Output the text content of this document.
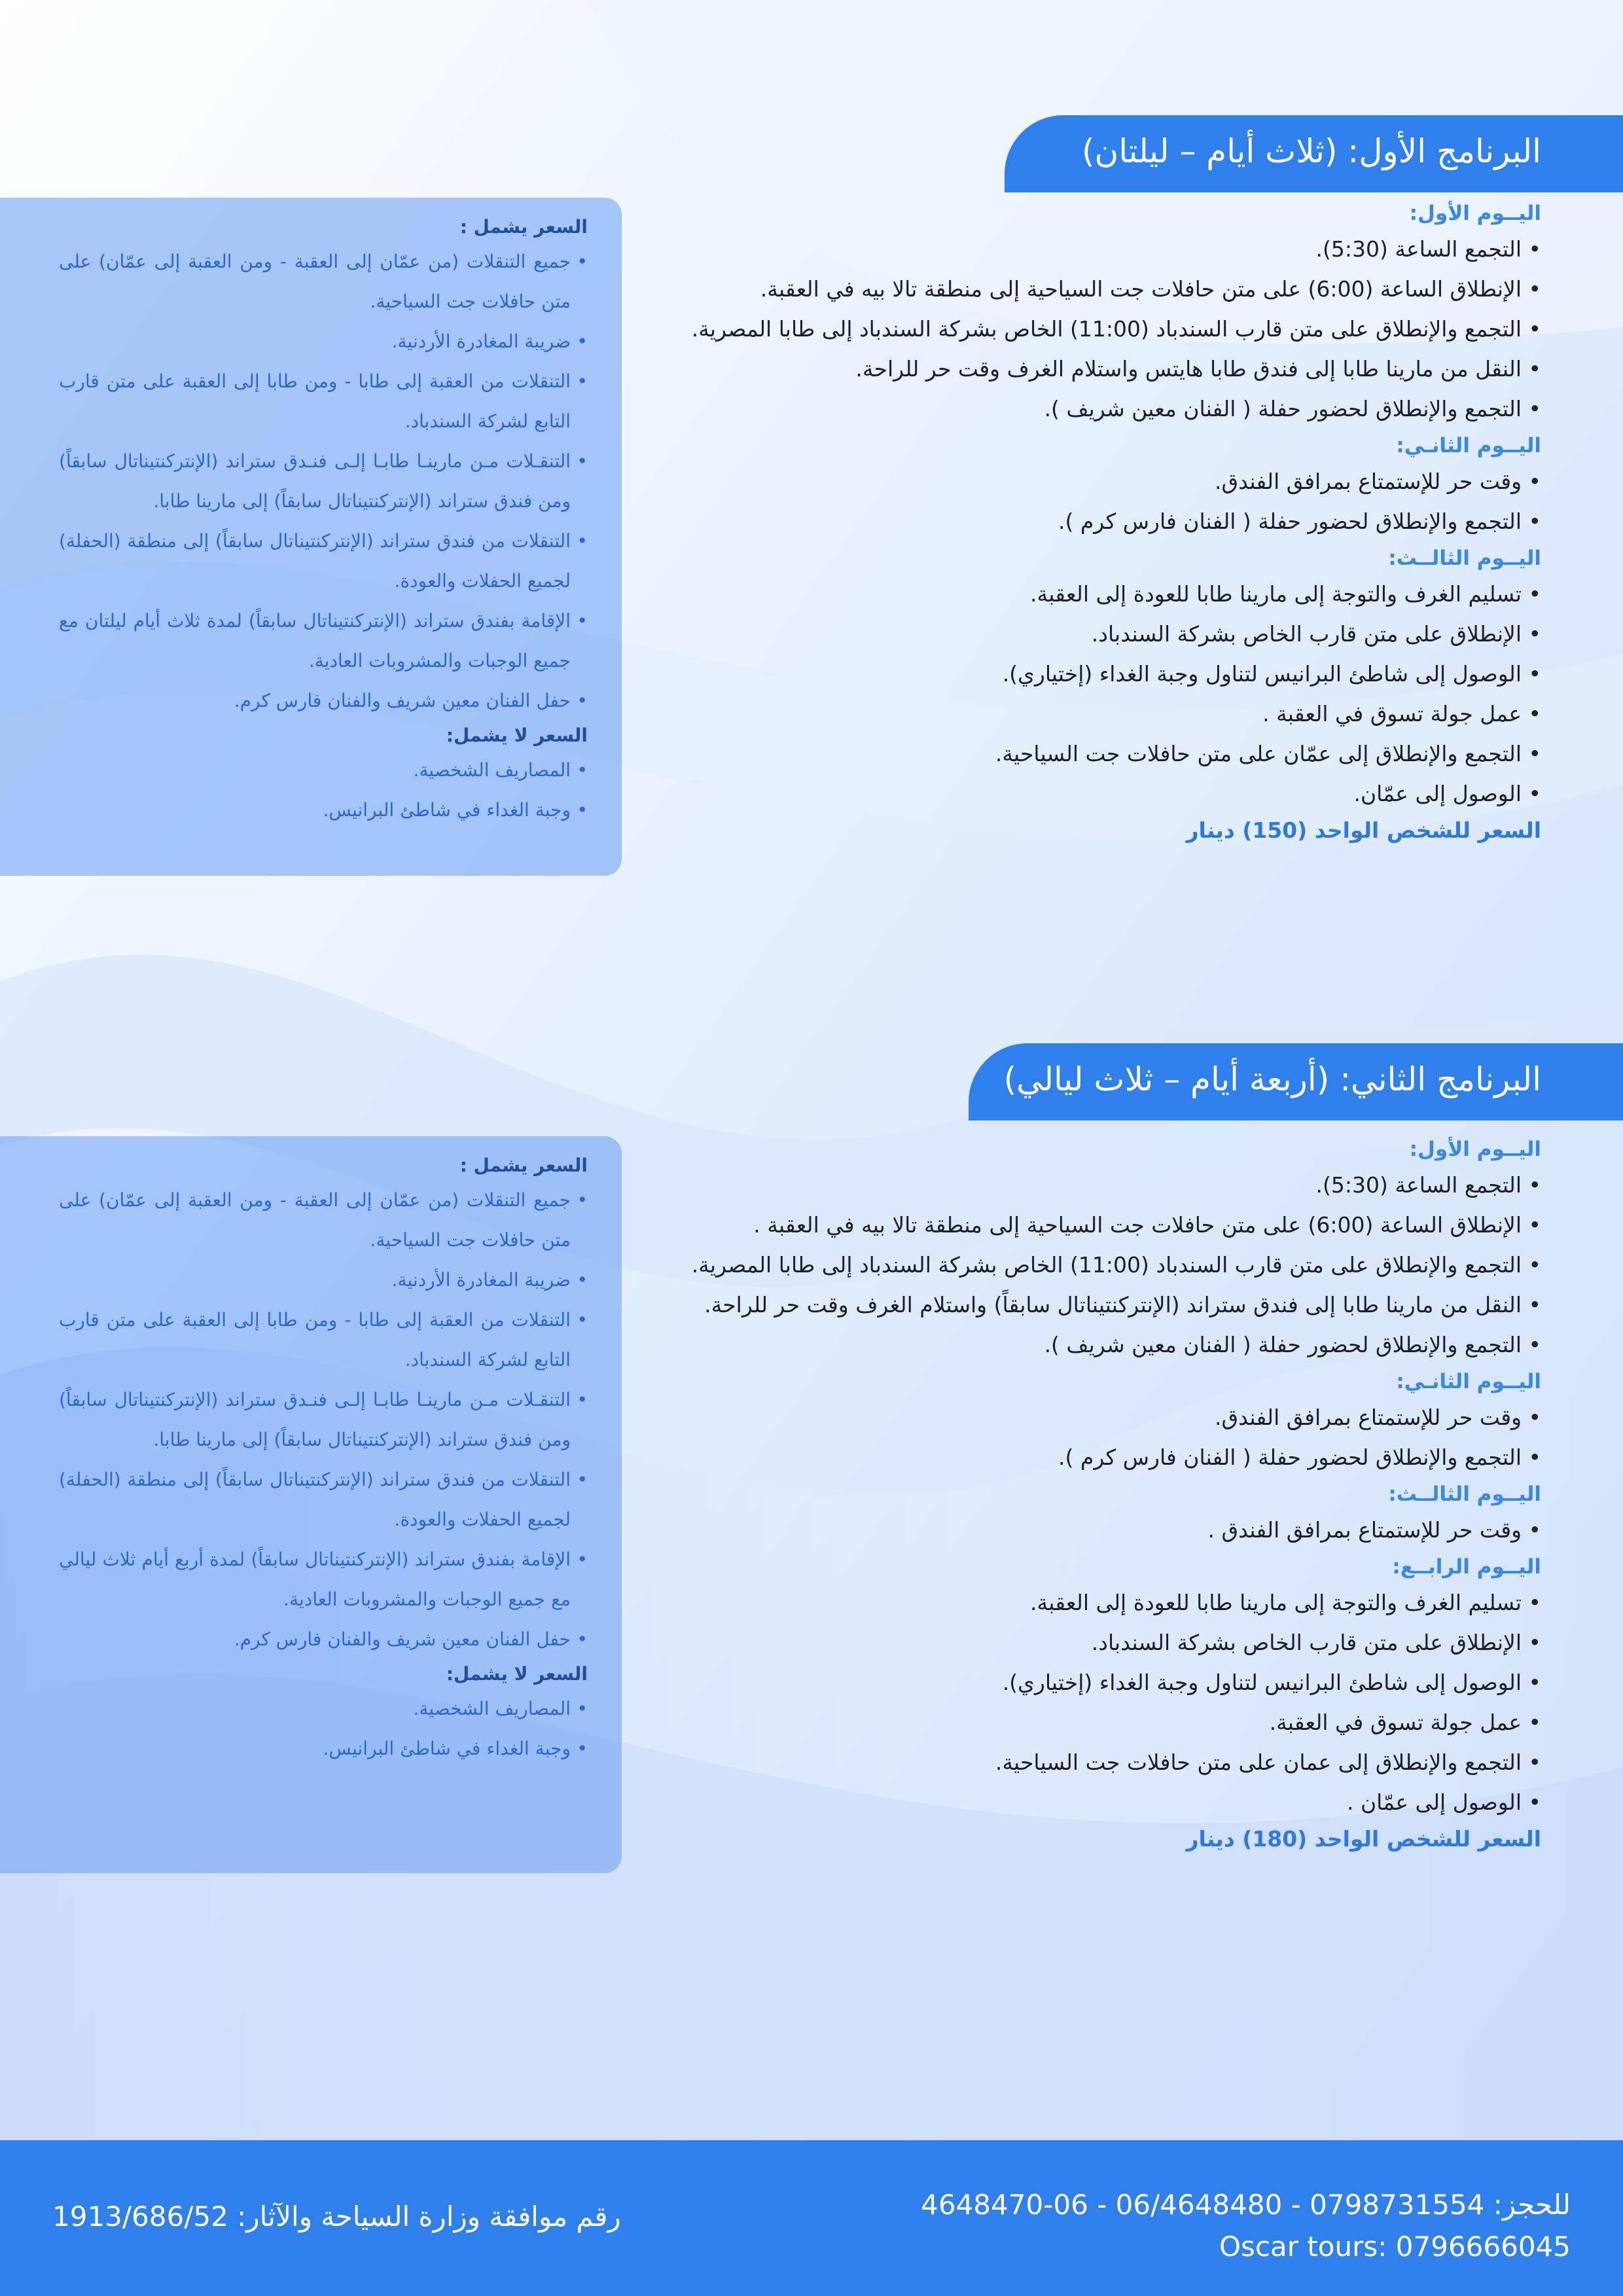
البرنامج الأول: (ثلاث أيام – ليلتان)
اليــوم الأول:
• التجمع الساعة (5:30).
• الإنطلاق الساعة (6:00) على متن حافلات جت السياحية إلى منطقة تالا بيه في العقبة.
• التجمع والإنطلاق على متن قارب السندباد (11:00) الخاص بشركة السندباد إلى طابا المصرية.
• النقل من مارينا طابا إلى فندق طابا هايتس واستلام الغرف وقت حر للراحة.
• التجمع والإنطلاق لحضور حفلة ( الفنان معين شريف ).
اليــوم الثانـي:
• وقت حر للإستمتاع بمرافق الفندق.
• التجمع والإنطلاق لحضور حفلة ( الفنان فارس كرم ).
اليــوم الثالــث:
• تسليم الغرف والتوجة إلى مارينا طابا للعودة إلى العقبة.
• الإنطلاق على متن قارب الخاص بشركة السندباد.
• الوصول إلى شاطئ البرانيس لتناول وجبة الغداء (إختياري).
• عمل جولة تسوق في العقبة .
• التجمع والإنطلاق إلى عمّان على متن حافلات جت السياحية.
• الوصول إلى عمّان.
السعر للشخص الواحد (150) دينار
السعر يشمل :
• جميع التنقلات (من عمّان إلى العقبة - ومن العقبة إلى عمّان) على متن حافلات جت السياحية.
• ضريبة المغادرة الأردنية.
• التنقلات من العقبة إلى طابا - ومن طابا إلى العقبة على متن قارب التابع لشركة السندباد.
• التنقـلات مـن مارينـا طابـا إلـى فنـدق ستراند (الإنتركنتيناتال سابقاً) ومن فندق ستراند (الإنتركنتيناتال سابقاً) إلى مارينا طابا.
• التنقلات من فندق ستراند (الإنتركنتيناتال سابقاً) إلى منطقة (الحفلة) لجميع الحفلات والعودة.
• الإقامة بفندق ستراند (الإنتركنتيناتال سابقاً) لمدة ثلاث أيام ليلتان مع جميع الوجبات والمشروبات العادية.
• حفل الفنان معين شريف والفنان فارس كرم.
السعر لا يشمل:
• المصاريف الشخصية.
• وجبة الغداء في شاطئ البرانيس.
البرنامج الثاني: (أربعة أيام – ثلاث ليالي)
اليــوم الأول:
• التجمع الساعة (5:30).
• الإنطلاق الساعة (6:00) على متن حافلات جت السياحية إلى منطقة تالا بيه في العقبة .
• التجمع والإنطلاق على متن قارب السندباد (11:00) الخاص بشركة السندباد إلى طابا المصرية.
• النقل من مارينا طابا إلى فندق ستراند (الإنتركنتيناتال سابقاً) واستلام الغرف وقت حر للراحة.
• التجمع والإنطلاق لحضور حفلة ( الفنان معين شريف ).
اليــوم الثانـي:
• وقت حر للإستمتاع بمرافق الفندق.
• التجمع والإنطلاق لحضور حفلة ( الفنان فارس كرم ).
اليــوم الثالــث:
• وقت حر للإستمتاع بمرافق الفندق .
اليــوم الرابــع:
• تسليم الغرف والتوجة إلى مارينا طابا للعودة إلى العقبة.
• الإنطلاق على متن قارب الخاص بشركة السندباد.
• الوصول إلى شاطئ البرانيس لتناول وجبة الغداء (إختياري).
• عمل جولة تسوق في العقبة.
• التجمع والإنطلاق إلى عمان على متن حافلات جت السياحية.
• الوصول إلى عمّان .
السعر للشخص الواحد (180) دينار
السعر يشمل :
• جميع التنقلات (من عمّان إلى العقبة - ومن العقبة إلى عمّان) على متن حافلات جت السياحية.
• ضريبة المغادرة الأردنية.
• التنقلات من العقبة إلى طابا - ومن طابا إلى العقبة على متن قارب التابع لشركة السندباد.
• التنقـلات مـن مارينـا طابـا إلـى فنـدق ستراند (الإنتركنتيناتال سابقاً) ومن فندق ستراند (الإنتركنتيناتال سابقاً) إلى مارينا طابا.
• التنقلات من فندق ستراند (الإنتركنتيناتال سابقاً) إلى منطقة (الحفلة) لجميع الحفلات والعودة.
• الإقامة بفندق ستراند (الإنتركنتيناتال سابقاً) لمدة أربع أيام ثلاث ليالي مع جميع الوجبات والمشروبات العادية.
• حفل الفنان معين شريف والفنان فارس كرم.
السعر لا يشمل:
• المصاريف الشخصية.
• وجبة الغداء في شاطئ البرانيس.
رقم موافقة وزارة السياحة والآثار: 1913/686/52	للحجز: 0798731554 - 06/4648480 - 06-4648470
Oscar tours: 0796666045
